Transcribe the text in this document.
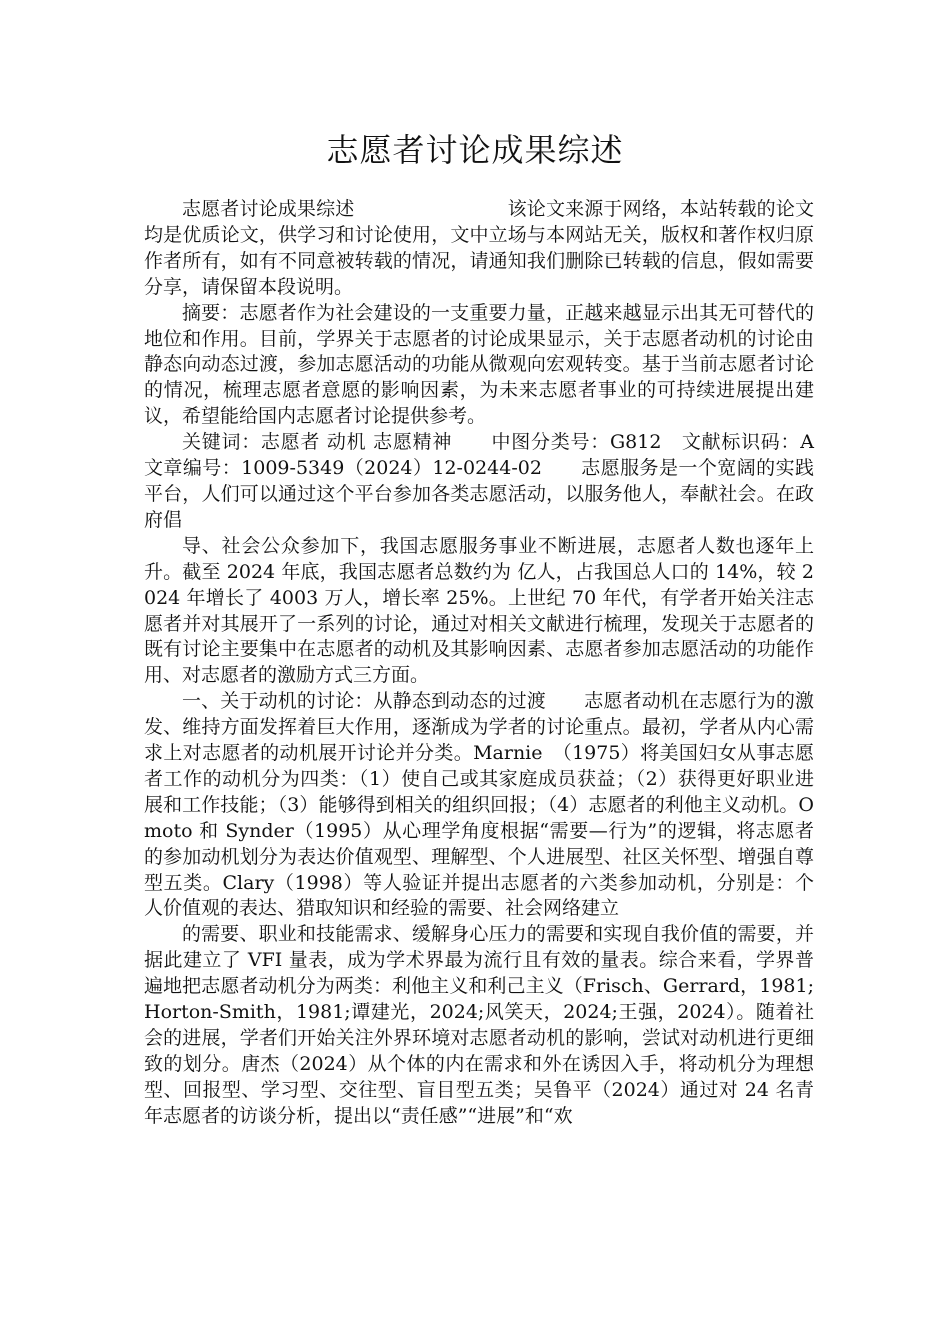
志愿者讨论成果综述

志愿者讨论成果综述　　　　　　　　该论文来源于网络，本站转载的论文均是优质论文，供学习和讨论使用，文中立场与本网站无关，版权和著作权归原作者所有，如有不同意被转载的情况，请通知我们删除已转载的信息，假如需要分享，请保留本段说明。

摘要：志愿者作为社会建设的一支重要力量，正越来越显示出其无可替代的地位和作用。目前，学界关于志愿者的讨论成果显示，关于志愿者动机的讨论由静态向动态过渡，参加志愿活动的功能从微观向宏观转变。基于当前志愿者讨论的情况，梳理志愿者意愿的影响因素，为未来志愿者事业的可持续进展提出建议，希望能给国内志愿者讨论提供参考。

关键词：志愿者 动机 志愿精神　　中图分类号：G812　文献标识码：A　文章编号：1009-5349（2024）12-0244-02　　志愿服务是一个宽阔的实践平台，人们可以通过这个平台参加各类志愿活动，以服务他人，奉献社会。在政府倡

导、社会公众参加下，我国志愿服务事业不断进展，志愿者人数也逐年上升。截至 2024 年底，我国志愿者总数约为 亿人，占我国总人口的 14%，较 2024 年增长了 4003 万人，增长率 25%。上世纪 70 年代，有学者开始关注志愿者并对其展开了一系列的讨论，通过对相关文献进行梳理，发现关于志愿者的既有讨论主要集中在志愿者的动机及其影响因素、志愿者参加志愿活动的功能作用、对志愿者的激励方式三方面。

一、关于动机的讨论：从静态到动态的过渡　　志愿者动机在志愿行为的激发、维持方面发挥着巨大作用，逐渐成为学者的讨论重点。最初，学者从内心需求上对志愿者的动机展开讨论并分类。Marnie　（1975）将美国妇女从事志愿者工作的动机分为四类：（1）使自己或其家庭成员获益；（2）获得更好职业进展和工作技能；（3）能够得到相关的组织回报；（4）志愿者的利他主义动机。Omoto 和 Synder（1995）从心理学角度根据“需要—行为”的逻辑，将志愿者的参加动机划分为表达价值观型、理解型、个人进展型、社区关怀型、增强自尊型五类。Clary（1998）等人验证并提出志愿者的六类参加动机，分别是：个人价值观的表达、猎取知识和经验的需要、社会网络建立

的需要、职业和技能需求、缓解身心压力的需要和实现自我价值的需要，并据此建立了 VFI 量表，成为学术界最为流行且有效的量表。综合来看，学界普遍地把志愿者动机分为两类：利他主义和利己主义（Frisch、Gerrard，1981;Horton-Smith，1981;谭建光，2024;风笑天，2024;王强，2024）。随着社会的进展，学者们开始关注外界环境对志愿者动机的影响，尝试对动机进行更细致的划分。唐杰（2024）从个体的内在需求和外在诱因入手，将动机分为理想型、回报型、学习型、交往型、盲目型五类；吴鲁平（2024）通过对 24 名青年志愿者的访谈分析，提出以“责任感”“进展”和“欢
